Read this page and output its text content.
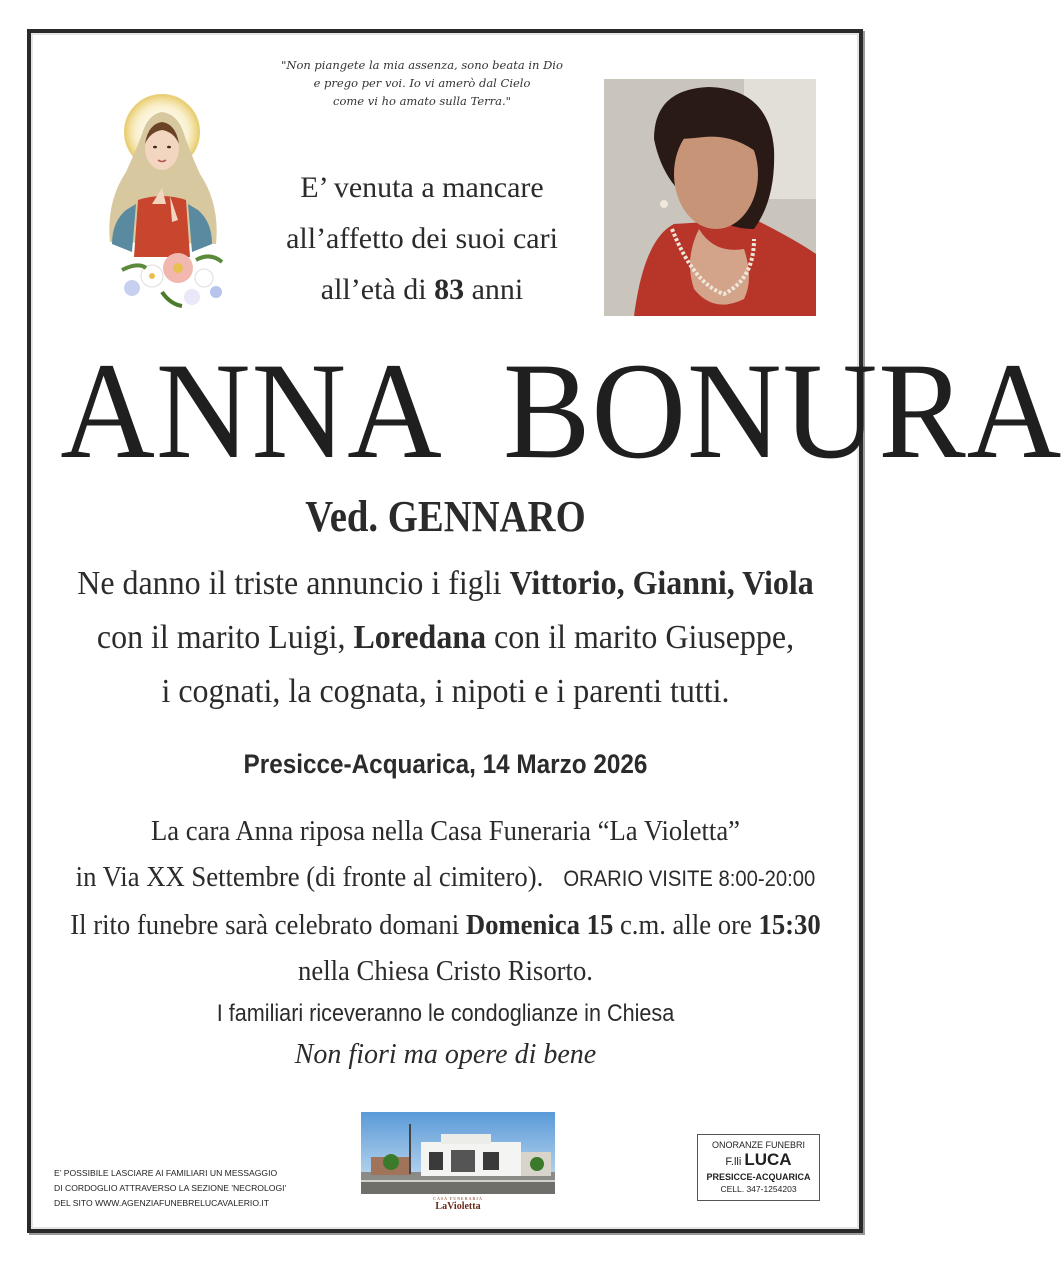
"Non piangete la mia assenza, sono beata in Dio
e prego per voi. Io vi amerò dal Cielo
come vi ho amato sulla Terra."
E’ venuta a mancare
all’affetto dei suoi cari
all’età di 83 anni
ANNA  BONURA
Ved. GENNARO
Ne danno il triste annuncio i figli Vittorio, Gianni, Viola
con il marito Luigi, Loredana con il marito Giuseppe,
i cognati, la cognata, i nipoti e i parenti tutti.
Presicce-Acquarica, 14 Marzo 2026
La cara Anna riposa nella Casa Funeraria “La Violetta”
in Via XX Settembre (di fronte al cimitero).   ORARIO VISITE 8:00-20:00
Il rito funebre sarà celebrato domani Domenica 15 c.m. alle ore 15:30
nella Chiesa Cristo Risorto.
I familiari riceveranno le condoglianze in Chiesa
Non fiori ma opere di bene
E’ POSSIBILE LASCIARE AI FAMILIARI UN MESSAGGIO
DI CORDOGLIO ATTRAVERSO LA SEZIONE 'NECROLOGI'
DEL SITO WWW.AGENZIAFUNEBRELUCAVALERIO.IT	CASA FUNERARIA
LaVioletta
ONORANZE FUNEBRI
F.lli LUCA
PRESICCE-ACQUARICA
CELL. 347-1254203
